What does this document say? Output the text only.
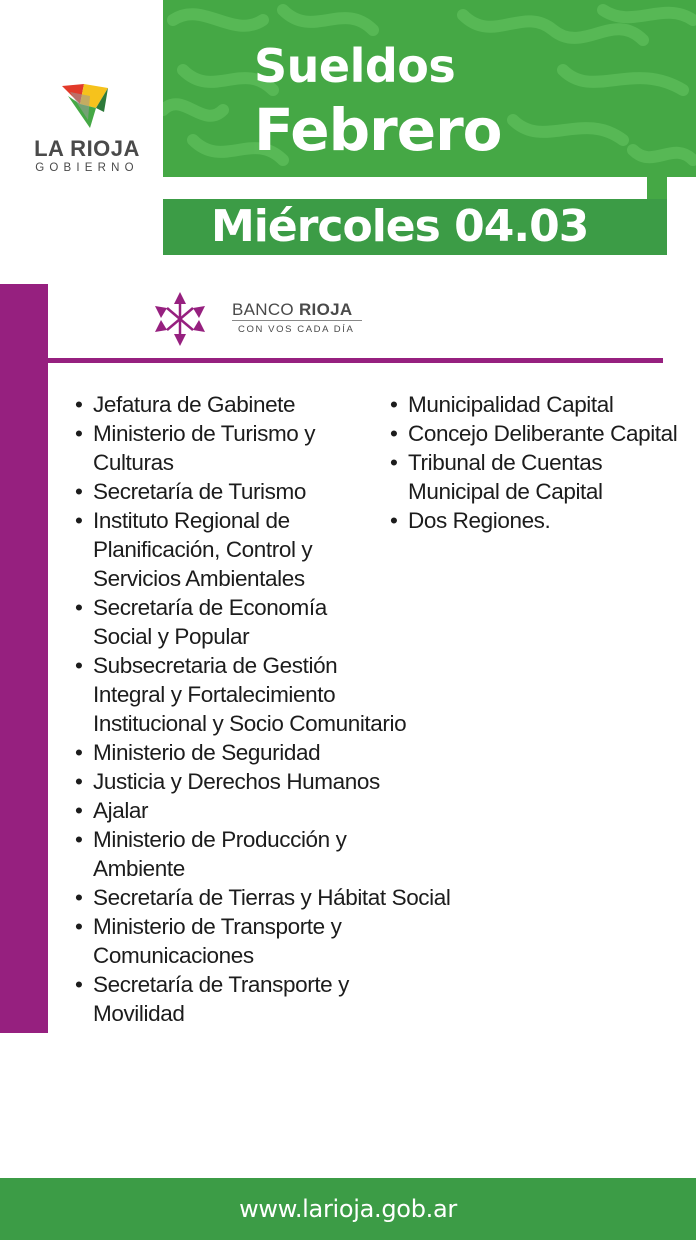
LA RIOJA
GOBIERNO
Sueldos
Febrero
Miércoles 04.03
BANCO RIOJA
CON VOS CADA DÍA
• Jefatura de Gabinete
• Ministerio de Turismo y Culturas
• Secretaría de Turismo
• Instituto Regional de Planificación, Control y Servicios Ambientales
• Secretaría de Economía Social y Popular
• Subsecretaria de Gestión Integral y Fortalecimiento Institucional y Socio Comunitario
• Ministerio de Seguridad
• Justicia y Derechos Humanos
• Ajalar
• Ministerio de Producción y Ambiente
• Secretaría de Tierras y Hábitat Social
• Ministerio de Transporte y Comunicaciones
• Secretaría de Transporte y Movilidad
• Municipalidad Capital
• Concejo Deliberante Capital
• Tribunal de Cuentas Municipal de Capital
• Dos Regiones.
www.larioja.gob.ar
